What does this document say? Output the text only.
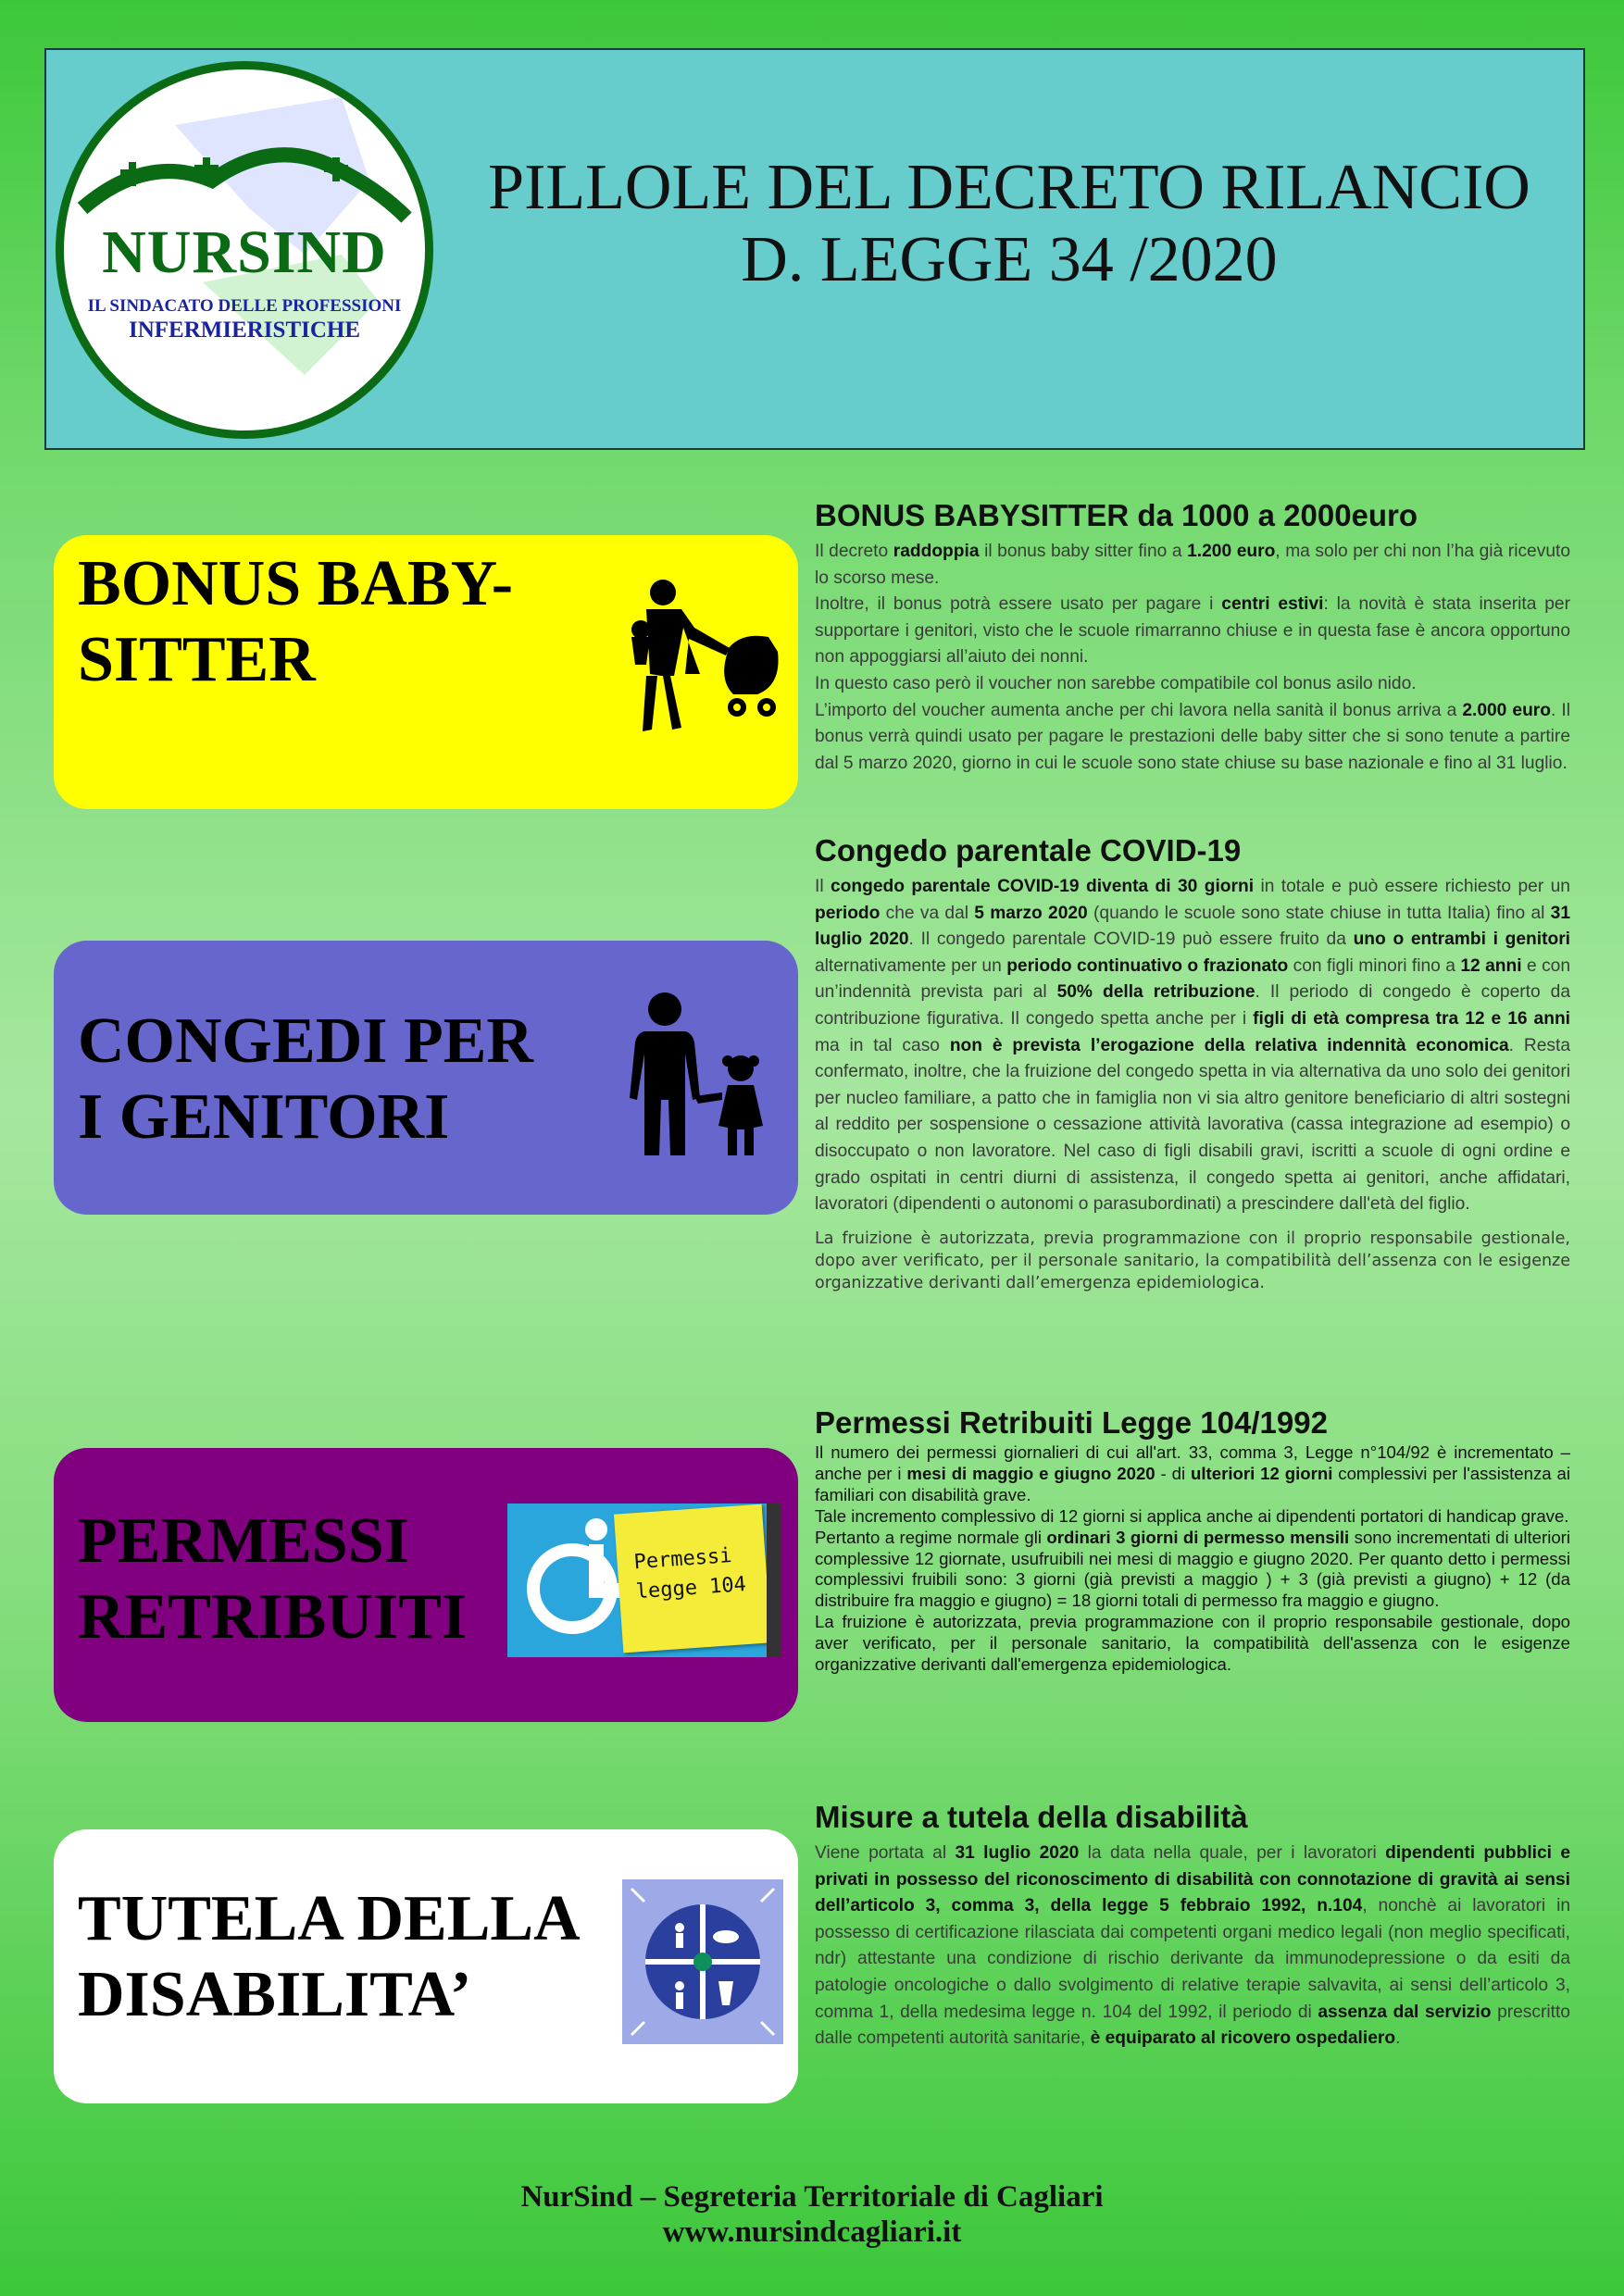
NURSIND
IL SINDACATO DELLE PROFESSIONI
INFERMIERISTICHE
PILLOLE DEL DECRETO RILANCIO
D. LEGGE 34 /2020
BONUS BABY-
SITTER
CONGEDI PER
I GENITORI
PERMESSI
RETRIBUITI
Permessi
legge 104
TUTELA DELLA
DISABILITA’
BONUS BABYSITTER da 1000 a 2000euro

Il decreto raddoppia il bonus baby sitter fino a 1.200 euro, ma solo per chi non l’ha già ricevuto lo scorso mese.
Inoltre, il bonus potrà essere usato per pagare i centri estivi: la novità è stata inserita per supportare i genitori, visto che le scuole rimarranno chiuse e in questa fase è ancora opportuno non appoggiarsi all’aiuto dei nonni.
In questo caso però il voucher non sarebbe compatibile col bonus asilo nido.
L’importo del voucher aumenta anche per chi lavora nella sanità il bonus arriva a 2.000 euro. Il bonus verrà quindi usato per pagare le prestazioni delle baby sitter che si sono tenute a partire dal 5 marzo 2020, giorno in cui le scuole sono state chiuse su base nazionale e fino al 31 luglio.

Congedo parentale COVID-19

Il congedo parentale COVID-19 diventa di 30 giorni in totale e può essere richiesto per un periodo che va dal 5 marzo 2020 (quando le scuole sono state chiuse in tutta Italia) fino al 31 luglio 2020. Il congedo parentale COVID-19 può essere fruito da uno o entrambi i genitori alternativamente per un periodo continuativo o frazionato con figli minori fino a 12 anni e con un’indennità prevista pari al 50% della retribuzione. Il periodo di congedo è coperto da contribuzione figurativa. Il congedo spetta anche per i figli di età compresa tra 12 e 16 anni ma in tal caso non è prevista l’erogazione della relativa indennità economica. Resta confermato, inoltre, che la fruizione del congedo spetta in via alternativa da uno solo dei genitori per nucleo familiare, a patto che in famiglia non vi sia altro genitore beneficiario di altri sostegni al reddito per sospensione o cessazione attività lavorativa (cassa integrazione ad esempio) o disoccupato o non lavoratore. Nel caso di figli disabili gravi, iscritti a scuole di ogni ordine e grado ospitati in centri diurni di assistenza, il congedo spetta ai genitori, anche affidatari, lavoratori (dipendenti o autonomi o parasubordinati) a prescindere dall'età del figlio.

La fruizione è autorizzata, previa programmazione con il proprio responsabile gestionale, dopo aver verificato, per il personale sanitario, la compatibilità dell’assenza con le esigenze organizzative derivanti dall’emergenza epidemiologica.

Permessi Retribuiti Legge 104/1992

Il numero dei permessi giornalieri di cui all'art. 33, comma 3, Legge n°104/92 è incrementato – anche per i mesi di maggio e giugno 2020 - di ulteriori 12 giorni complessivi per l'assistenza ai familiari con disabilità grave.
Tale incremento complessivo di 12 giorni si applica anche ai dipendenti portatori di handicap grave.
Pertanto a regime normale gli ordinari 3 giorni di permesso mensili sono incrementati di ulteriori complessive 12 giornate, usufruibili nei mesi di maggio e giugno 2020. Per quanto detto i permessi complessivi fruibili sono: 3 giorni (già previsti a maggio ) + 3 (già previsti a giugno) + 12 (da distribuire fra maggio e giugno) = 18 giorni totali di permesso fra maggio e giugno.
La fruizione è autorizzata, previa programmazione con il proprio responsabile gestionale, dopo aver verificato, per il personale sanitario, la compatibilità dell'assenza con le esigenze organizzative derivanti dall'emergenza epidemiologica.

Misure a tutela della disabilità

Viene portata al 31 luglio 2020 la data nella quale, per i lavoratori dipendenti pubblici e privati in possesso del riconoscimento di disabilità con connotazione di gravità ai sensi dell’articolo 3, comma 3, della legge 5 febbraio 1992, n.104, nonchè ai lavoratori in possesso di certificazione rilasciata dai competenti organi medico legali (non meglio specificati, ndr) attestante una condizione di rischio derivante da immunodepressione o da esiti da patologie oncologiche o dallo svolgimento di relative terapie salvavita, ai sensi dell’articolo 3, comma 1, della medesima legge n. 104 del 1992, il periodo di assenza dal servizio prescritto dalle competenti autorità sanitarie, è equiparato al ricovero ospedaliero.

NurSind – Segreteria Territoriale di Cagliari
www.nursindcagliari.it
